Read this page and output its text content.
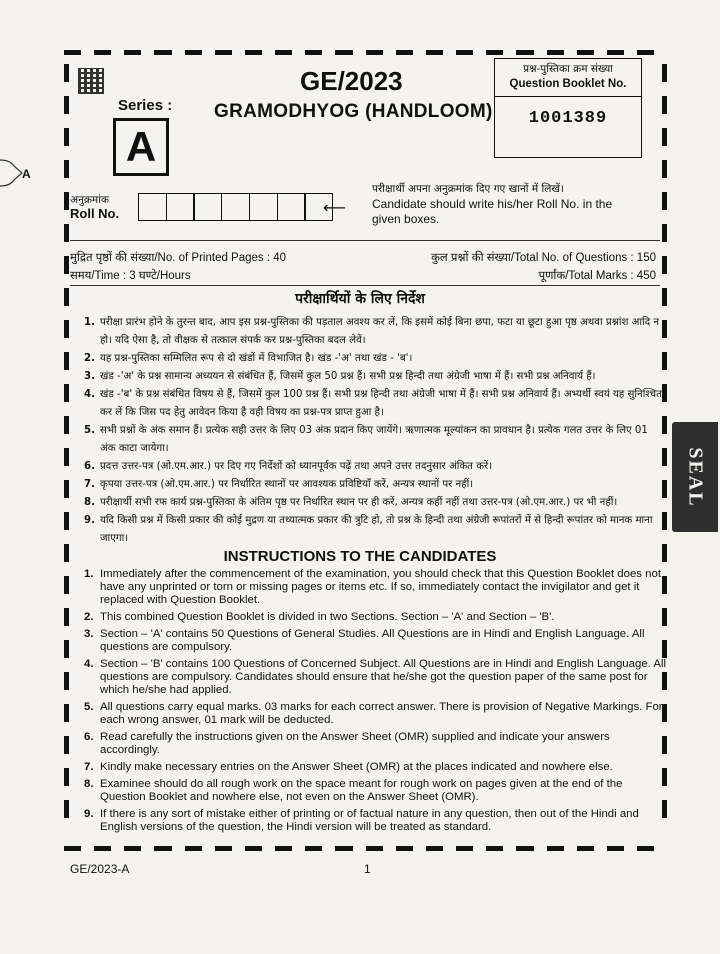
A
GE/2023
GRAMODHYOG (HANDLOOM)
Series :
A
प्रश्न-पुस्तिका क्रम संख्या
Question Booklet No.
1001389
अनुक्रमांक
Roll No.	⟵
परीक्षार्थी अपना अनुक्रमांक दिए गए खानों में लिखें।
Candidate should write his/her Roll No. in the given boxes.
मुद्रित पृष्ठों की संख्या/No. of Printed Pages : 40	कुल प्रश्नों की संख्या/Total No. of Questions : 150
समय/Time : 3 घण्टे/Hours	पूर्णांक/Total Marks : 450
परीक्षार्थियों के लिए निर्देश
1. परीक्षा प्रारंभ होने के तुरन्त बाद, आप इस प्रश्न-पुस्तिका की पड़ताल अवश्य कर लें, कि इसमें कोई बिना छपा, फटा या छूटा हुआ पृष्ठ अथवा प्रश्नांश आदि न हो। यदि ऐसा है, तो वीक्षक से तत्काल संपर्क कर प्रश्न-पुस्तिका बदल लेवें।
2. यह प्रश्न-पुस्तिका सम्मिलित रूप से दो खंडों में विभाजित है। खंड -'अ' तथा खंड - 'ब'।
3. खंड -'अ' के प्रश्न सामान्य अध्ययन से संबंधित हैं, जिसमें कुल 50 प्रश्न हैं। सभी प्रश्न हिन्दी तथा अंग्रेजी भाषा में हैं। सभी प्रश्न अनिवार्य हैं।
4. खंड -'ब' के प्रश्न संबंधित विषय से हैं, जिसमें कुल 100 प्रश्न हैं। सभी प्रश्न हिन्दी तथा अंग्रेजी भाषा में हैं। सभी प्रश्न अनिवार्य हैं। अभ्यर्थी स्वयं यह सुनिश्चित कर लें कि जिस पद हेतु आवेदन किया है वही विषय का प्रश्न-पत्र प्राप्त हुआ है।
5. सभी प्रश्नों के अंक समान हैं। प्रत्येक सही उत्तर के लिए 03 अंक प्रदान किए जायेंगे। ऋणात्मक मूल्यांकन का प्रावधान है। प्रत्येक गलत उत्तर के लिए 01 अंक काटा जायेगा।
6. प्रदत्त उत्तर-पत्र (ओ.एम.आर.) पर दिए गए निर्देशों को ध्यानपूर्वक पढ़ें तथा अपने उत्तर तदनुसार अंकित करें।
7. कृपया उत्तर-पत्र (ओ.एम.आर.) पर निर्धारित स्थानों पर आवश्यक प्रविष्टियाँ करें, अन्यत्र स्थानों पर नहीं।
8. परीक्षार्थी सभी रफ कार्य प्रश्न-पुस्तिका के अंतिम पृष्ठ पर निर्धारित स्थान पर ही करें, अन्यत्र कहीं नहीं तथा उत्तर-पत्र (ओ.एम.आर.) पर भी नहीं।
9. यदि किसी प्रश्न में किसी प्रकार की कोई मुद्रण या तथ्यात्मक प्रकार की त्रुटि हो, तो प्रश्न के हिन्दी तथा अंग्रेजी रूपांतरों में से हिन्दी रूपांतर को मानक माना जाएगा।
INSTRUCTIONS TO THE CANDIDATES
1. Immediately after the commencement of the examination, you should check that this Question Booklet does not have any unprinted or torn or missing pages or items etc. If so, immediately contact the invigilator and get it replaced with Question Booklet.
2. This combined Question Booklet is divided in two Sections. Section – 'A' and Section – 'B'.
3. Section – 'A' contains 50 Questions of General Studies. All Questions are in Hindi and English Language. All questions are compulsory.
4. Section – 'B' contains 100 Questions of Concerned Subject. All Questions are in Hindi and English Language. All questions are compulsory. Candidates should ensure that he/she got the question paper of the same post for which he/she had applied.
5. All questions carry equal marks. 03 marks for each correct answer. There is provision of Negative Markings. For each wrong answer, 01 mark will be deducted.
6. Read carefully the instructions given on the Answer Sheet (OMR) supplied and indicate your answers accordingly.
7. Kindly make necessary entries on the Answer Sheet (OMR) at the places indicated and nowhere else.
8. Examinee should do all rough work on the space meant for rough work on pages given at the end of the Question Booklet and nowhere else, not even on the Answer Sheet (OMR).
9. If there is any sort of mistake either of printing or of factual nature in any question, then out of the Hindi and English versions of the question, the Hindi version will be treated as standard.
SEAL
GE/2023-A	1
